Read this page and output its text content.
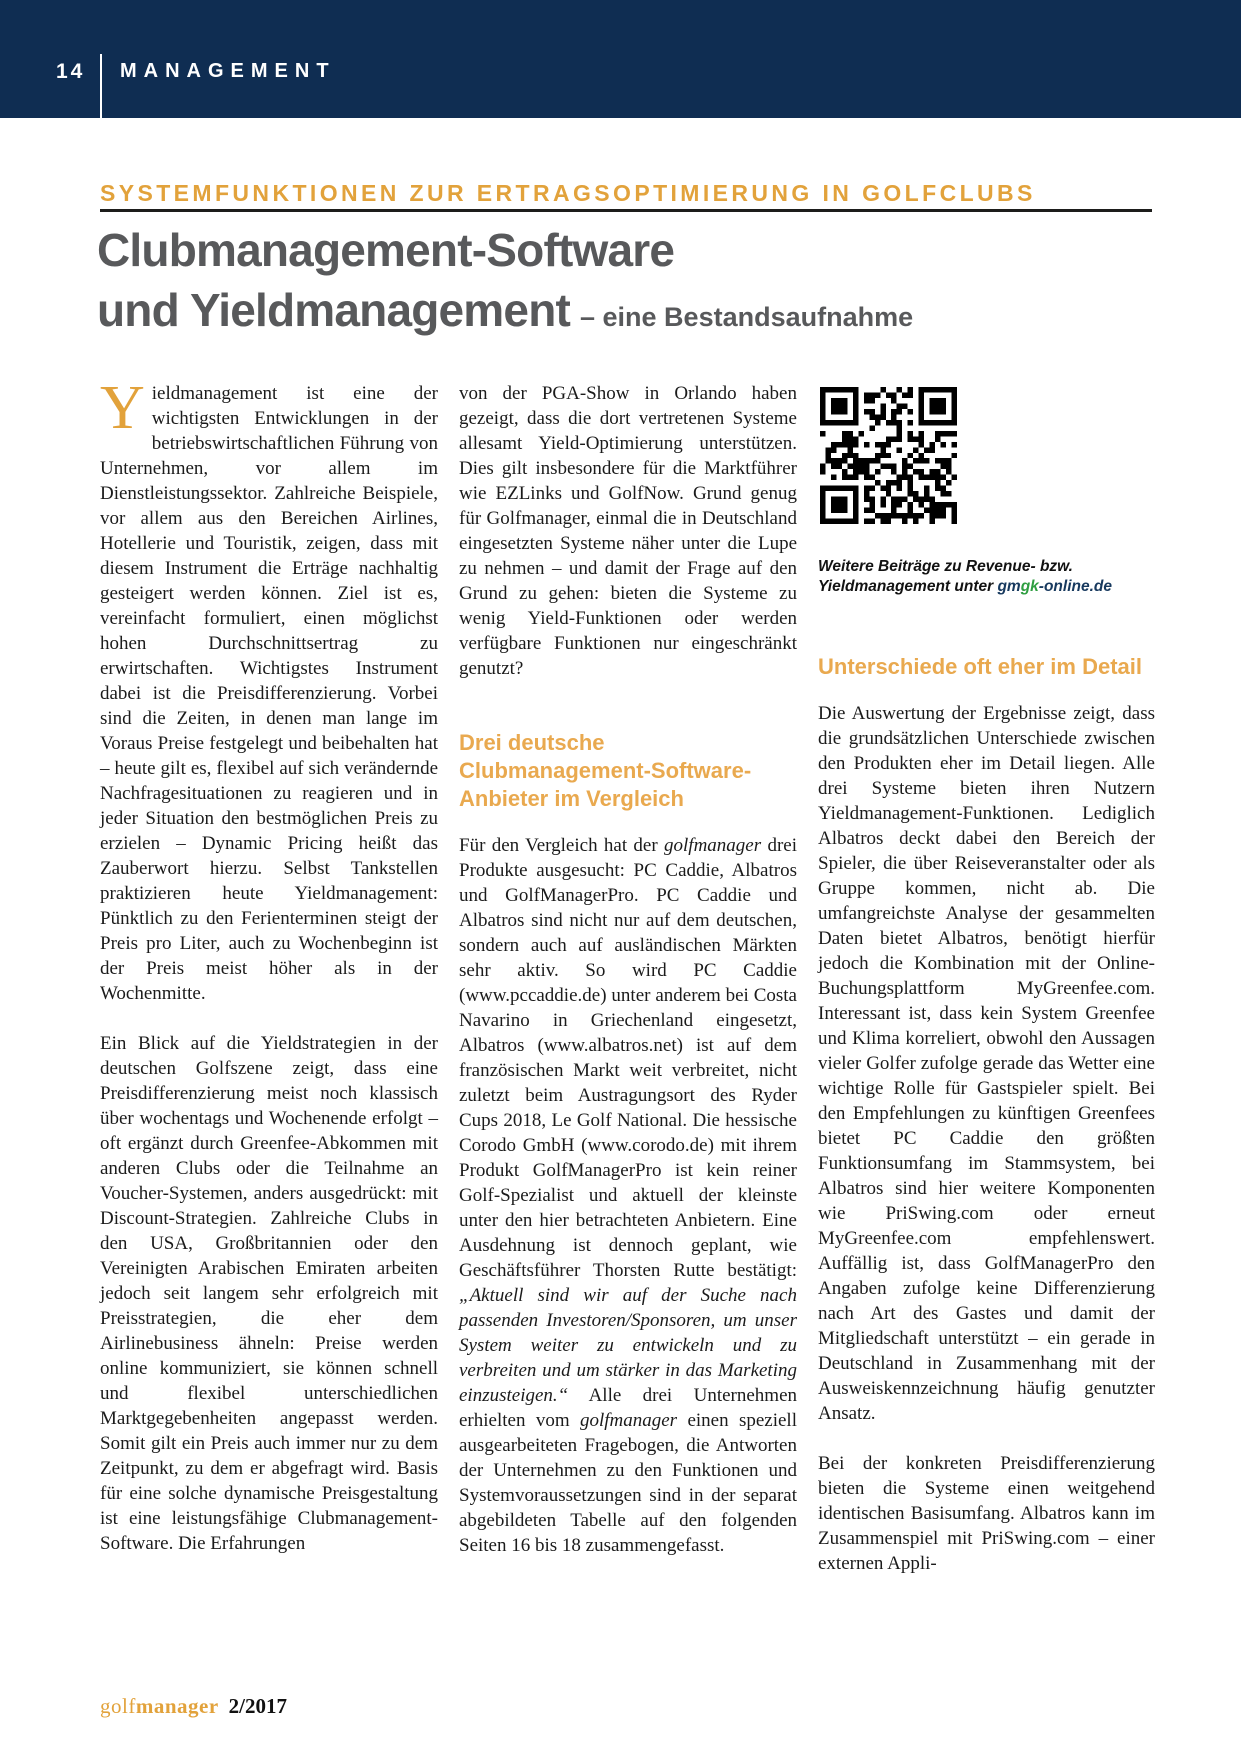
14 MANAGEMENT
SYSTEMFUNKTIONEN ZUR ERTRAGSOPTIMIERUNG IN GOLFCLUBS
Clubmanagement-Software
und Yieldmanagement – eine Bestandsaufnahme

Yieldmanagement ist eine der wichtigsten Entwicklungen in der betriebswirtschaftlichen Führung von Unternehmen, vor allem im Dienstleistungssektor. Zahlreiche Beispiele, vor allem aus den Bereichen Airlines, Hotellerie und Touristik, zeigen, dass mit diesem Instrument die Erträge nachhaltig gesteigert werden können. Ziel ist es, vereinfacht formuliert, einen möglichst hohen Durchschnittsertrag zu erwirtschaften. Wichtigstes Instrument dabei ist die Preisdifferenzierung. Vorbei sind die Zeiten, in denen man lange im Voraus Preise festgelegt und beibehalten hat – heute gilt es, flexibel auf sich verändernde Nachfragesituationen zu reagieren und in jeder Situation den bestmöglichen Preis zu erzielen – Dynamic Pricing heißt das Zauberwort hierzu. Selbst Tankstellen praktizieren heute Yieldmanagement: Pünktlich zu den Ferienterminen steigt der Preis pro Liter, auch zu Wochenbeginn ist der Preis meist höher als in der Wochenmitte.

Ein Blick auf die Yieldstrategien in der deutschen Golfszene zeigt, dass eine Preisdifferenzierung meist noch klassisch über wochentags und Wochenende erfolgt – oft ergänzt durch Greenfee-Abkommen mit anderen Clubs oder die Teilnahme an Voucher-Systemen, anders ausgedrückt: mit Discount-Strategien. Zahlreiche Clubs in den USA, Großbritannien oder den Vereinigten Arabischen Emiraten arbeiten jedoch seit langem sehr erfolgreich mit Preisstrategien, die eher dem Airlinebusiness ähneln: Preise werden online kommuniziert, sie können schnell und flexibel unterschiedlichen Marktgegebenheiten angepasst werden. Somit gilt ein Preis auch immer nur zu dem Zeitpunkt, zu dem er abgefragt wird. Basis für eine solche dynamische Preisgestaltung ist eine leistungsfähige Clubmanagement-Software. Die Erfahrungen

von der PGA-Show in Orlando haben gezeigt, dass die dort vertretenen Systeme allesamt Yield-Optimierung unterstützen. Dies gilt insbesondere für die Marktführer wie EZLinks und GolfNow. Grund genug für Golfmanager, einmal die in Deutschland eingesetzten Systeme näher unter die Lupe zu nehmen – und damit der Frage auf den Grund zu gehen: bieten die Systeme zu wenig Yield-Funktionen oder werden verfügbare Funktionen nur eingeschränkt genutzt?

Drei deutsche Clubmanagement-Software-Anbieter im Vergleich

Für den Vergleich hat der golfmanager drei Produkte ausgesucht: PC Caddie, Albatros und GolfManagerPro. PC Caddie und Albatros sind nicht nur auf dem deutschen, sondern auch auf ausländischen Märkten sehr aktiv. So wird PC Caddie (www.pccaddie.de) unter anderem bei Costa Navarino in Griechenland eingesetzt, Albatros (www.albatros.net) ist auf dem französischen Markt weit verbreitet, nicht zuletzt beim Austragungsort des Ryder Cups 2018, Le Golf National. Die hessische Corodo GmbH (www.corodo.de) mit ihrem Produkt GolfManagerPro ist kein reiner Golf-Spezialist und aktuell der kleinste unter den hier betrachteten Anbietern. Eine Ausdehnung ist dennoch geplant, wie Geschäftsführer Thorsten Rutte bestätigt: „Aktuell sind wir auf der Suche nach passenden Investoren/Sponsoren, um unser System weiter zu entwickeln und zu verbreiten und um stärker in das Marketing einzusteigen.“ Alle drei Unternehmen erhielten vom golfmanager einen speziell ausgearbeiteten Fragebogen, die Antworten der Unternehmen zu den Funktionen und Systemvoraussetzungen sind in der separat abgebildeten Tabelle auf den folgenden Seiten 16 bis 18 zusammengefasst.

Weitere Beiträge zu Revenue- bzw. Yieldmanagement unter gmgk-online.de
Unterschiede oft eher im Detail

Die Auswertung der Ergebnisse zeigt, dass die grundsätzlichen Unterschiede zwischen den Produkten eher im Detail liegen. Alle drei Systeme bieten ihren Nutzern Yieldmanagement-Funktionen. Lediglich Albatros deckt dabei den Bereich der Spieler, die über Reiseveranstalter oder als Gruppe kommen, nicht ab. Die umfangreichste Analyse der gesammelten Daten bietet Albatros, benötigt hierfür jedoch die Kombination mit der Online-Buchungsplattform MyGreenfee.com. Interessant ist, dass kein System Greenfee und Klima korreliert, obwohl den Aussagen vieler Golfer zufolge gerade das Wetter eine wichtige Rolle für Gastspieler spielt. Bei den Empfehlungen zu künftigen Greenfees bietet PC Caddie den größten Funktionsumfang im Stammsystem, bei Albatros sind hier weitere Komponenten wie PriSwing.com oder erneut MyGreenfee.com empfehlenswert. Auffällig ist, dass GolfManagerPro den Angaben zufolge keine Differenzierung nach Art des Gastes und damit der Mitgliedschaft unterstützt – ein gerade in Deutschland in Zusammenhang mit der Ausweiskennzeichnung häufig genutzter Ansatz.

Bei der konkreten Preisdifferenzierung bieten die Systeme einen weitgehend identischen Basisumfang. Albatros kann im Zusammenspiel mit PriSwing.com – einer externen Appli-

golfmanager 2/2017
